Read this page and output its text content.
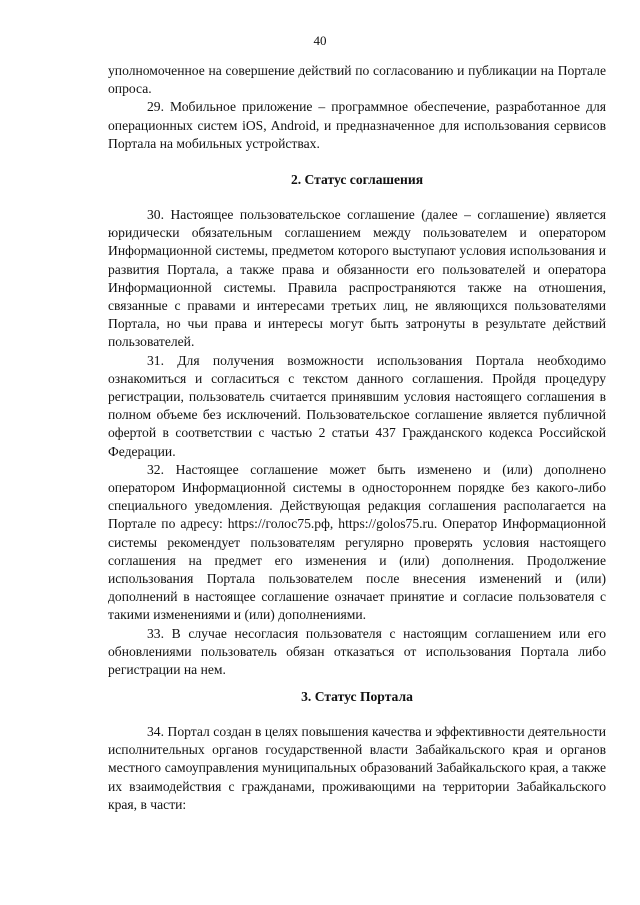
40

уполномоченное на совершение действий по согласованию и публикации на Портале опроса.

29. Мобильное приложение – программное обеспечение, разработанное для операционных систем iOS, Android, и предназначенное для использования сервисов Портала на мобильных устройствах.

2. Статус соглашения

30. Настоящее пользовательское соглашение (далее – соглашение) является юридически обязательным соглашением между пользователем и оператором Информационной системы, предметом которого выступают условия использования и развития Портала, а также права и обязанности его пользователей и оператора Информационной системы. Правила распространяются также на отношения, связанные с правами и интересами третьих лиц, не являющихся пользователями Портала, но чьи права и интересы могут быть затронуты в результате действий пользователей.

31. Для получения возможности использования Портала необходимо ознакомиться и согласиться с текстом данного соглашения. Пройдя процедуру регистрации, пользователь считается принявшим условия настоящего соглашения в полном объеме без исключений. Пользовательское соглашение является публичной офертой в соответствии с частью 2 статьи 437 Гражданского кодекса Российской Федерации.

32. Настоящее соглашение может быть изменено и (или) дополнено оператором Информационной системы в одностороннем порядке без какого-либо специального уведомления. Действующая редакция соглашения располагается на Портале по адресу: https://голос75.рф, https://golos75.ru. Оператор Информационной системы рекомендует пользователям регулярно проверять условия настоящего соглашения на предмет его изменения и (или) дополнения. Продолжение использования Портала пользователем после внесения изменений и (или) дополнений в настоящее соглашение означает принятие и согласие пользователя с такими изменениями и (или) дополнениями.

33. В случае несогласия пользователя с настоящим соглашением или его обновлениями пользователь обязан отказаться от использования Портала либо регистрации на нем.

3. Статус Портала

34. Портал создан в целях повышения качества и эффективности деятельности исполнительных органов государственной власти Забайкальского края и органов местного самоуправления муниципальных образований Забайкальского края, а также их взаимодействия с гражданами, проживающими на территории Забайкальского края, в части:
